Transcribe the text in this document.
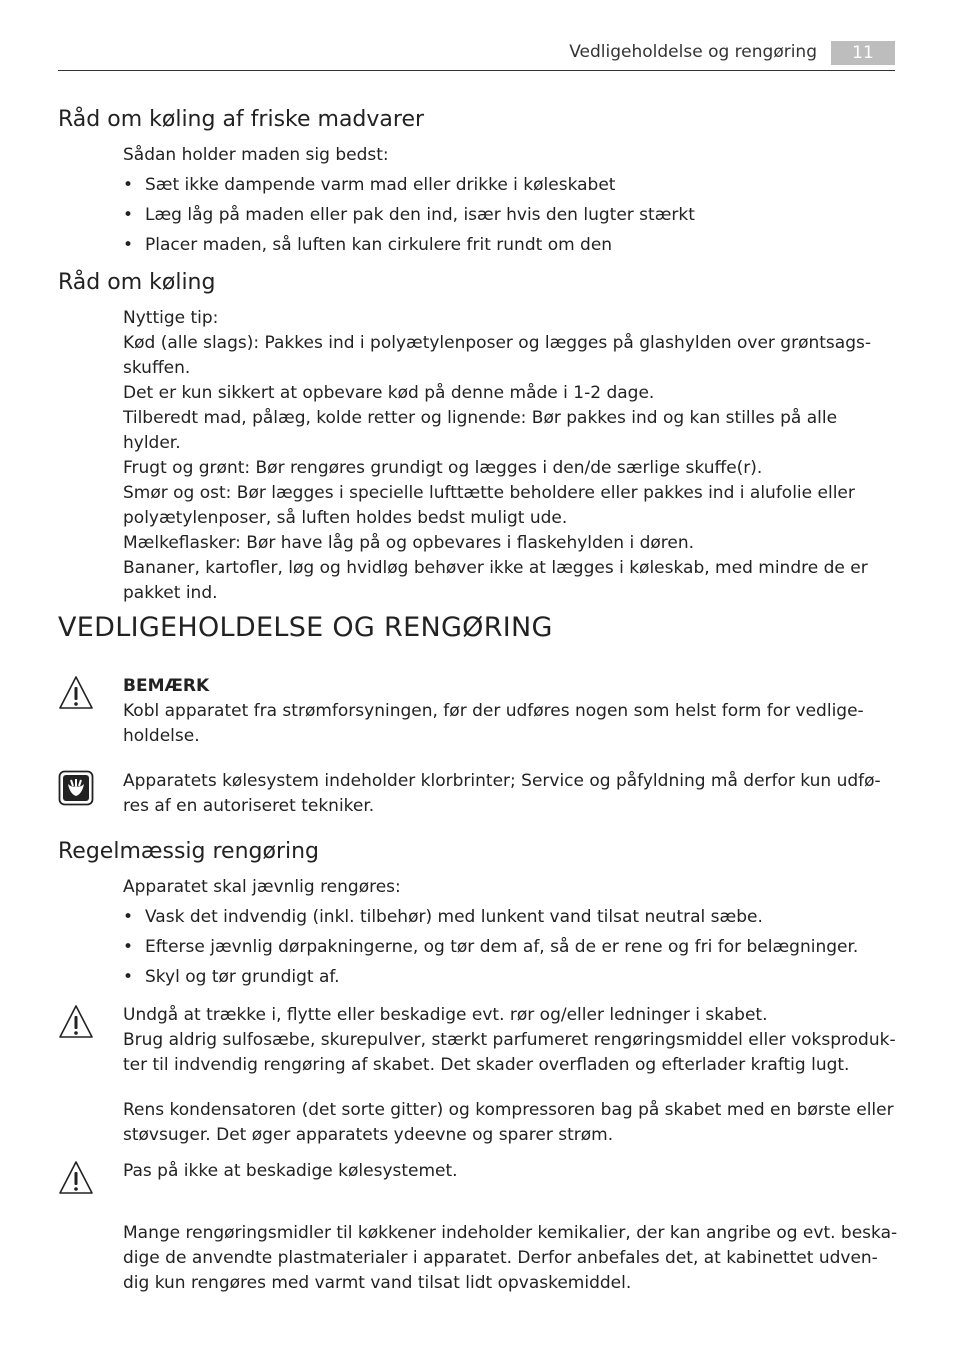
Vedligeholdelse og rengøring	11
Råd om køling af friske madvarer

Sådan holder maden sig bedst:

• Sæt ikke dampende varm mad eller drikke i køleskabet
• Læg låg på maden eller pak den ind, især hvis den lugter stærkt
• Placer maden, så luften kan cirkulere frit rundt om den
Råd om køling

Nyttige tip:

Kød (alle slags): Pakkes ind i polyætylenposer og lægges på glashylden over grøntsags-

skuffen.

Det er kun sikkert at opbevare kød på denne måde i 1-2 dage.

Tilberedt mad, pålæg, kolde retter og lignende: Bør pakkes ind og kan stilles på alle hylder.

Frugt og grønt: Bør rengøres grundigt og lægges i den/de særlige skuffe(r).

Smør og ost: Bør lægges i specielle lufttætte beholdere eller pakkes ind i alufolie eller

polyætylenposer, så luften holdes bedst muligt ude.

Mælkeflasker: Bør have låg på og opbevares i flaskehylden i døren.

Bananer, kartofler, løg og hvidløg behøver ikke at lægges i køleskab, med mindre de er

pakket ind.

VEDLIGEHOLDELSE OG RENGØRING

BEMÆRK

Kobl apparatet fra strømforsyningen, før der udføres nogen som helst form for vedlige-

holdelse.

Apparatets kølesystem indeholder klorbrinter; Service og påfyldning må derfor kun udfø-

res af en autoriseret tekniker.

Regelmæssig rengøring

Apparatet skal jævnlig rengøres:

• Vask det indvendig (inkl. tilbehør) med lunkent vand tilsat neutral sæbe.
• Efterse jævnlig dørpakningerne, og tør dem af, så de er rene og fri for belægninger.
• Skyl og tør grundigt af.

Undgå at trække i, flytte eller beskadige evt. rør og/eller ledninger i skabet.

Brug aldrig sulfosæbe, skurepulver, stærkt parfumeret rengøringsmiddel eller voksproduk-

ter til indvendig rengøring af skabet. Det skader overfladen og efterlader kraftig lugt.

Rens kondensatoren (det sorte gitter) og kompressoren bag på skabet med en børste eller

støvsuger. Det øger apparatets ydeevne og sparer strøm.

Pas på ikke at beskadige kølesystemet.

Mange rengøringsmidler til køkkener indeholder kemikalier, der kan angribe og evt. beska-

dige de anvendte plastmaterialer i apparatet. Derfor anbefales det, at kabinettet udven-

dig kun rengøres med varmt vand tilsat lidt opvaskemiddel.
